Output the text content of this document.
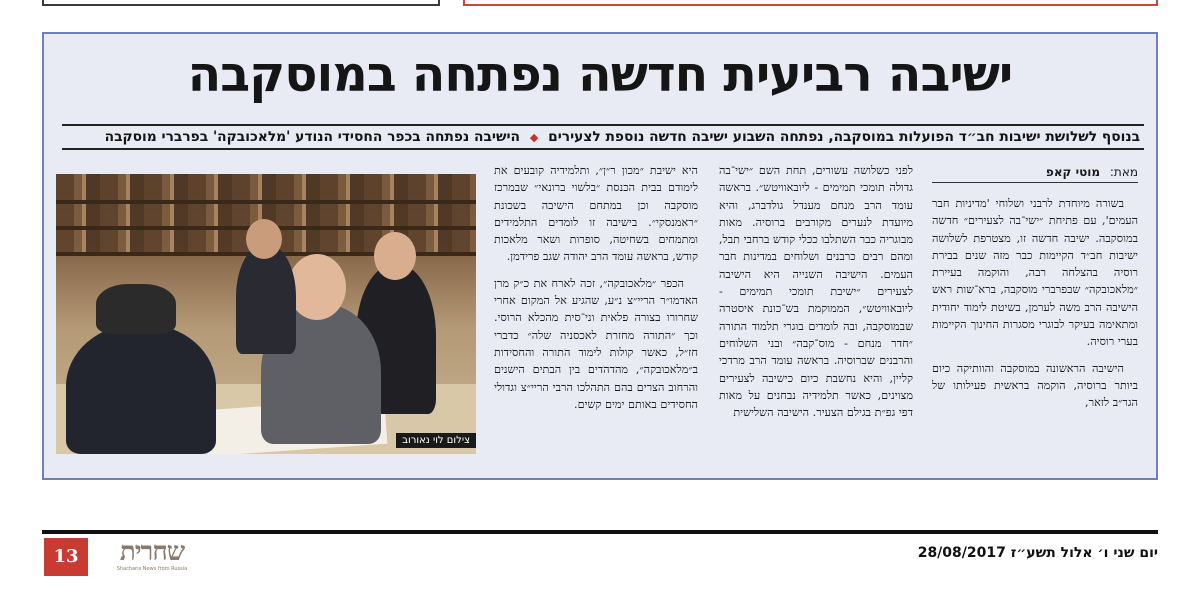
ישיבה רביעית חדשה נפתחה במוסקבה
בנוסף לשלושת ישיבות חב״ד הפועלות במוסקבה, נפתחה השבוע ישיבה חדשה נוספת לצעירים ◆ הישיבה נפתחה בכפר החסידי הנודע 'מלאכובקה' בפרברי מוסקבה
מאת: מוטי קאפ

בשורה מיוחדת לרבני ושלוחי 'מדיניות חבר העמים', עם פתיחת ״ישי־בה לצעירים״ חדשה במוסקבה. ישיבה חדשה זו, מצטרפת לשלושה ישיבות חב״ד הקיימות כבר מזה שנים בבירת רוסיה בהצלחה רבה, והוקמה בעיירת ״מלאכובקה״ שבפרברי מוסקבה, ברא־שות ראש הישיבה הרב משה לערמן, בשיטת לימוד יחודית ומתאימה בעיקר לבוגרי מסגרות החינוך הקיימות בערי רוסיה.

הישיבה הראשונה במוסקבה והוותיקה כיום ביותר ברוסיה, הוקמה בראשית פעילותו של הגר״ב לזאר,

לפני כשלושה עשורים, תחת השם ״ישי־בה גדולה תומכי תמימים - ליובאוויטש״. בראשה עומד הרב מנחם מענדל גולדברג, והיא מיועדת לנערים מקורבים ברוסיה. מאות מבוגריה כבר השתלבו ככלי קודש ברחבי תבל, ומהם רבים כרבנים ושלוחים במדינות חבר העמים. הישיבה השנייה היא הישיבה לצעירים ״ישיבת תומכי תמימים - ליובאוויטש״, הממוקמת בש־כונת איסטרה שבמוסקבה, ובה לומדים בוגרי תלמוד התורה ״חדר מנחם - מוס־קבה״ ובני השלוחים והרבנים שברוסיה. בראשה עומד הרב מרדכי קליין, והיא נחשבת כיום כישיבה לצעירים מצוינים, כאשר תלמידיה נבחנים על מאות דפי גפ״ת בגילם הצעיר. הישיבה השלישית

היא ישיבת ״מכון ר״ן״, ותלמידיה קובעים את לימודם בבית הכנסת ״בלשוי ברונאי״ שבמרכז מוסקבה וכן במתחם הישיבה בשכונת ״ראמנסקי״. בישיבה זו לומדים התלמידים ומתמחים בשחיטה, סופרות ושאר מלאכות קודש, בראשה עומד הרב יהודה שגב פרידמן.

הכפר ״מלאכובקה״, זכה לארח את כ״ק מרן האדמו״ר הריי״צ נ״ע, שהגיע אל המקום אחרי שחרורו בצורה פלאית וני־סית מהכלא הרוסי. וכך ״התורה מחזרת לאכסניה שלה״ כדברי חז״ל, כאשר קולות לימוד התורה והחסידות ב״מלאכובקה״, מהדהדים בין הבתים הישנים והרחוב הצרים בהם התהלכו הרבי הריי״צ וגדולי החסידים באותם ימים קשים.

צילום לוי נאורוב
13	שחרית
Shacharis News from Russia
יום שני ו׳ אלול תשע״ז 28/08/2017
